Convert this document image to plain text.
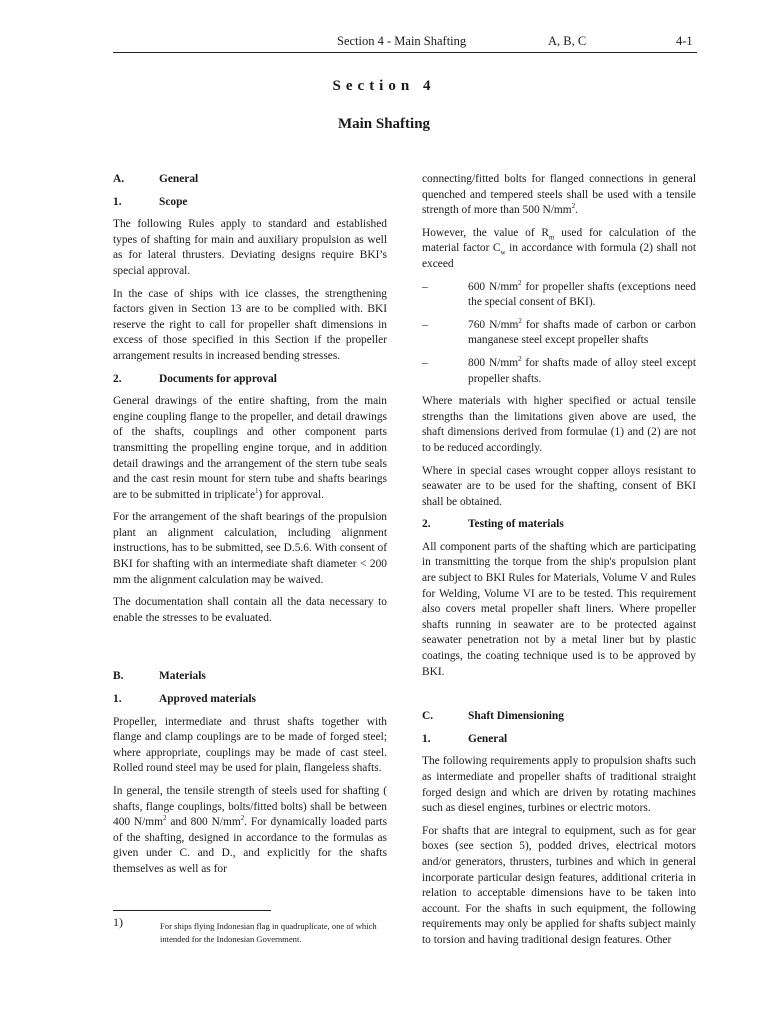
Section 4 - Main Shafting	A, B, C	4-1
Section 4
Main Shafting
A.	General
1.	Scope

The following Rules apply to standard and established types of shafting for main and auxiliary propulsion as well as for lateral thrusters. Deviating designs require BKI’s special approval.

In the case of ships with ice classes, the strengthening factors given in Section 13 are to be complied with. BKI reserve the right to call for propeller shaft dimensions in excess of those specified in this Section if the propeller arrangement results in increased bending stresses.

2.	Documents for approval

General drawings of the entire shafting, from the main engine coupling flange to the propeller, and detail drawings of the shafts, couplings and other component parts transmitting the propelling engine torque, and in addition detail drawings and the arrangement of the stern tube seals and the cast resin mount for stern tube and shafts bearings are to be submitted in triplicate$^1$) for approval.

For the arrangement of the shaft bearings of the propulsion plant an alignment calculation, including alignment instructions, has to be submitted, see D.5.6. With consent of BKI for shafting with an intermediate shaft diameter < 200 mm the alignment calculation may be waived.

The documentation shall contain all the data necessary to enable the stresses to be evaluated.

B.	Materials
1.	Approved materials

Propeller, intermediate and thrust shafts together with flange and clamp couplings are to be made of forged steel; where appropriate, couplings may be made of cast steel. Rolled round steel may be used for plain, flangeless shafts.

In general, the tensile strength of steels used for shafting ( shafts, flange couplings, bolts/fitted bolts) shall be between 400 $N/mm^2$ and 800 $N/mm^2$. For dynamically loaded parts of the shafting, designed in accordance to the formulas as given under C. and D., and explicitly for the shafts themselves as well as for

connecting/fitted bolts for flanged connections in general quenched and tempered steels shall be used with a tensile strength of more than 500 $N/mm^2$.

However, the value of $R_m$ used for calculation of the material factor $C_w$ in accordance with formula (2) shall not exceed

–	600 $N/mm^2$ for propeller shafts (exceptions need the special consent of BKI).
–	760 $N/mm^2$ for shafts made of carbon or carbon manganese steel except propeller shafts
–	800 $N/mm^2$ for shafts made of alloy steel except propeller shafts.

Where materials with higher specified or actual tensile strengths than the limitations given above are used, the shaft dimensions derived from formulae (1) and (2) are not to be reduced accordingly.

Where in special cases wrought copper alloys resistant to seawater are to be used for the shafting, consent of BKI shall be obtained.

2.	Testing of materials

All component parts of the shafting which are participating in transmitting the torque from the ship's propulsion plant are subject to BKI Rules for Materials, Volume V and Rules for Welding, Volume VI are to be tested. This requirement also covers metal propeller shaft liners. Where propeller shafts running in seawater are to be protected against seawater penetration not by a metal liner but by plastic coatings, the coating technique used is to be approved by BKI.

C.	Shaft Dimensioning
1.	General

The following requirements apply to propulsion shafts such as intermediate and propeller shafts of traditional straight forged design and which are driven by rotating machines such as diesel engines, turbines or electric motors.

For shafts that are integral to equipment, such as for gear boxes (see section 5), podded drives, electrical motors and/or generators, thrusters, turbines and which in general incorporate particular design features, additional criteria in relation to acceptable dimensions have to be taken into account. For the shafts in such equipment, the following requirements may only be applied for shafts subject mainly to torsion and having traditional design features. Other

1)	For ships flying Indonesian flag in quadruplicate, one of which intended for the Indonesian Government.
